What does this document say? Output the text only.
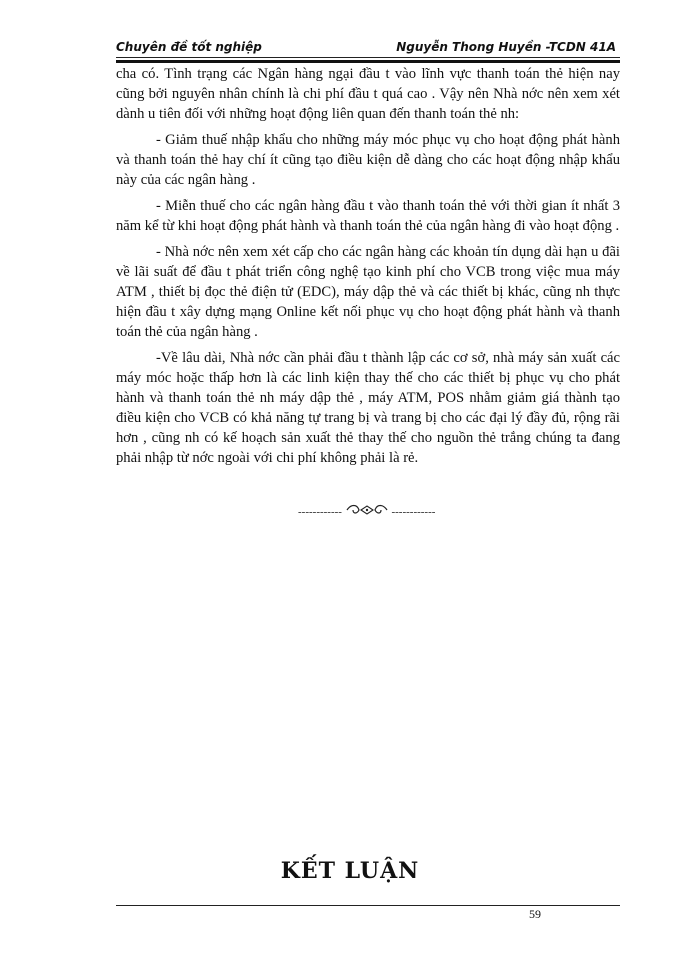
Chuyên đề tốt nghiệp	Nguyễn Thong Huyền -TCDN 41A

cha có. Tình trạng các Ngân hàng ngại đầu t vào lĩnh vực thanh toán thẻ hiện nay cũng bởi nguyên nhân chính là chi phí đầu t quá cao . Vậy nên Nhà nớc nên xem xét dành u tiên đối với những hoạt động liên quan đến thanh toán thẻ nh:

- Giảm thuế nhập khẩu cho những máy móc phục vụ cho hoạt động phát hành và thanh toán thẻ hay chí ít cũng tạo điều kiện dễ dàng cho các hoạt động nhập khẩu này của các ngân hàng .

- Miễn thuế cho các ngân hàng đầu t vào thanh toán thẻ với thời gian ít nhất 3 năm kể từ khi hoạt động phát hành và thanh toán thẻ của ngân hàng đi vào hoạt động .

- Nhà nớc nên xem xét cấp cho các ngân hàng các khoản tín dụng dài hạn u đãi về lãi suất để đầu t phát triển công nghệ tạo kinh phí cho VCB trong việc mua máy ATM , thiết bị đọc thẻ điện tử (EDC), máy dập thẻ và các thiết bị khác, cũng nh thực hiện đầu t xây dựng mạng Online kết nối phục vụ cho hoạt động phát hành và thanh toán thẻ của ngân hàng .

-Về lâu dài, Nhà nớc cần phải đầu t thành lập các cơ sở, nhà máy sản xuất các máy móc hoặc thấp hơn là các linh kiện thay thế cho các thiết bị phục vụ cho phát hành và thanh toán thẻ nh máy dập thẻ , máy ATM, POS nhằm giảm giá thành tạo điều kiện cho VCB có khả năng tự trang bị và trang bị cho các đại lý đầy đủ, rộng rãi hơn , cũng nh có kế hoạch sản xuất thẻ thay thế cho nguồn thẻ trắng chúng ta đang phải nhập từ nớc ngoài với chi phí không phải là rẻ.

------------	------------
KẾT LUẬN
59
